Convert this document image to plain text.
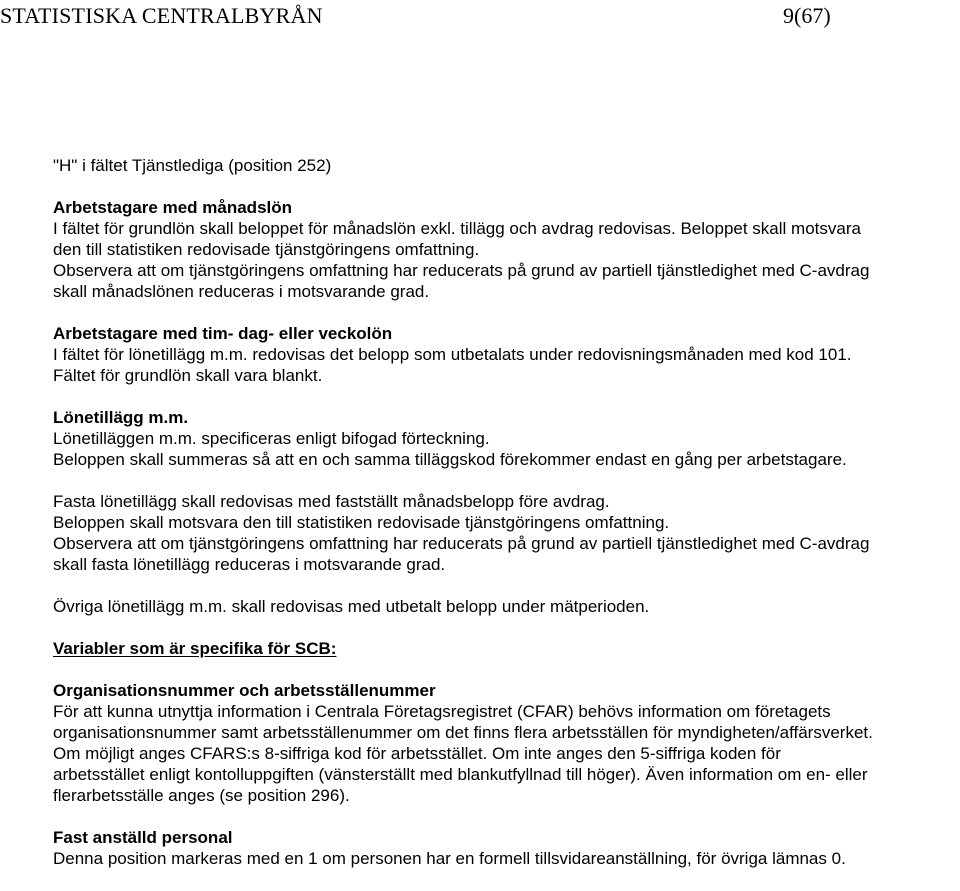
STATISTISKA CENTRALBYRÅN	9(67)
"H" i fältet Tjänstlediga (position 252)
Arbetstagare med månadslön
I fältet för grundlön skall beloppet för månadslön exkl. tillägg och avdrag redovisas. Beloppet skall motsvara
den till statistiken redovisade tjänstgöringens omfattning.
Observera att om tjänstgöringens omfattning har reducerats på grund av partiell tjänstledighet med C-avdrag
skall månadslönen reduceras i motsvarande grad.
Arbetstagare med tim- dag- eller veckolön
I fältet för lönetillägg m.m. redovisas det belopp som utbetalats under redovisningsmånaden med kod 101.
Fältet för grundlön skall vara blankt.
Lönetillägg m.m.
Lönetilläggen m.m. specificeras enligt bifogad förteckning.
Beloppen skall summeras så att en och samma tilläggskod förekommer endast en gång per arbetstagare.
Fasta lönetillägg skall redovisas med fastställt månadsbelopp före avdrag.
Beloppen skall motsvara den till statistiken redovisade tjänstgöringens omfattning.
Observera att om tjänstgöringens omfattning har reducerats på grund av partiell tjänstledighet med C-avdrag
skall fasta lönetillägg reduceras i motsvarande grad.
Övriga lönetillägg m.m. skall redovisas med utbetalt belopp under mätperioden.
Variabler som är specifika för SCB:
Organisationsnummer och arbetsställenummer
För att kunna utnyttja information i Centrala Företagsregistret (CFAR) behövs information om företagets
organisationsnummer samt arbetsställenummer om det finns flera arbetsställen för myndigheten/affärsverket.
Om möjligt anges CFARS:s 8-siffriga kod för arbetsstället. Om inte anges den 5-siffriga koden för
arbetsstället enligt kontolluppgiften (vänsterställt med blankutfyllnad till höger). Även information om en- eller
flerarbetsställe anges (se position 296).
Fast anställd personal
Denna position markeras med en 1 om personen har en formell tillsvidareanställning, för övriga lämnas 0.
